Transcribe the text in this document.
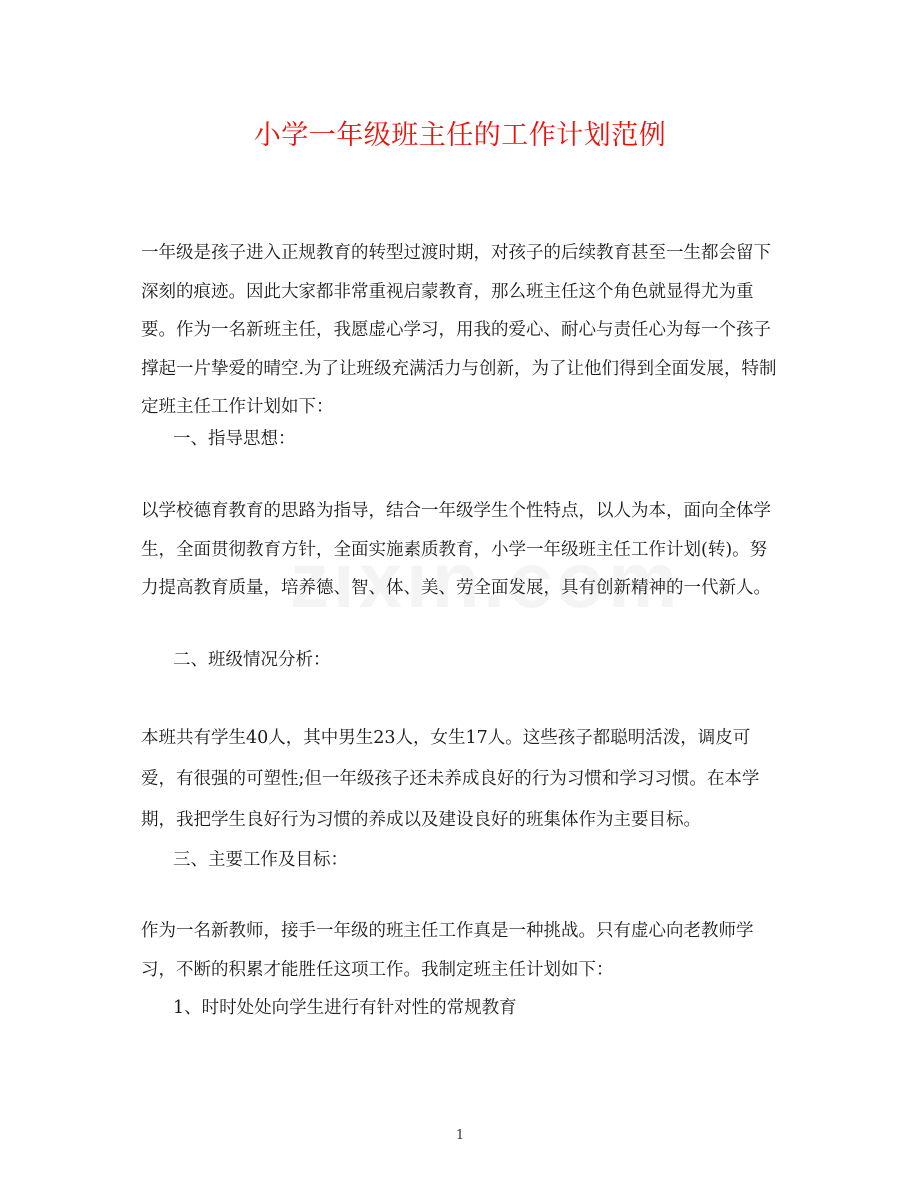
小学一年级班主任的工作计划范例

一年级是孩子进入正规教育的转型过渡时期，对孩子的后续教育甚至一生都会留下深刻的痕迹。因此大家都非常重视启蒙教育，那么班主任这个角色就显得尤为重要。作为一名新班主任，我愿虚心学习，用我的爱心、耐心与责任心为每一个孩子撑起一片挚爱的晴空.为了让班级充满活力与创新，为了让他们得到全面发展，特制定班主任工作计划如下：

一、指导思想：

以学校德育教育的思路为指导，结合一年级学生个性特点，以人为本，面向全体学生，全面贯彻教育方针，全面实施素质教育，小学一年级班主任工作计划(转)。努力提高教育质量，培养德、智、体、美、劳全面发展，具有创新精神的一代新人。

二、班级情况分析：

本班共有学生40人，其中男生23人，女生17人。这些孩子都聪明活泼，调皮可爱，有很强的可塑性;但一年级孩子还未养成良好的行为习惯和学习习惯。在本学期，我把学生良好行为习惯的养成以及建设良好的班集体作为主要目标。

三、主要工作及目标：

作为一名新教师，接手一年级的班主任工作真是一种挑战。只有虚心向老教师学习，不断的积累才能胜任这项工作。我制定班主任计划如下：

1、时时处处向学生进行有针对性的常规教育

1
